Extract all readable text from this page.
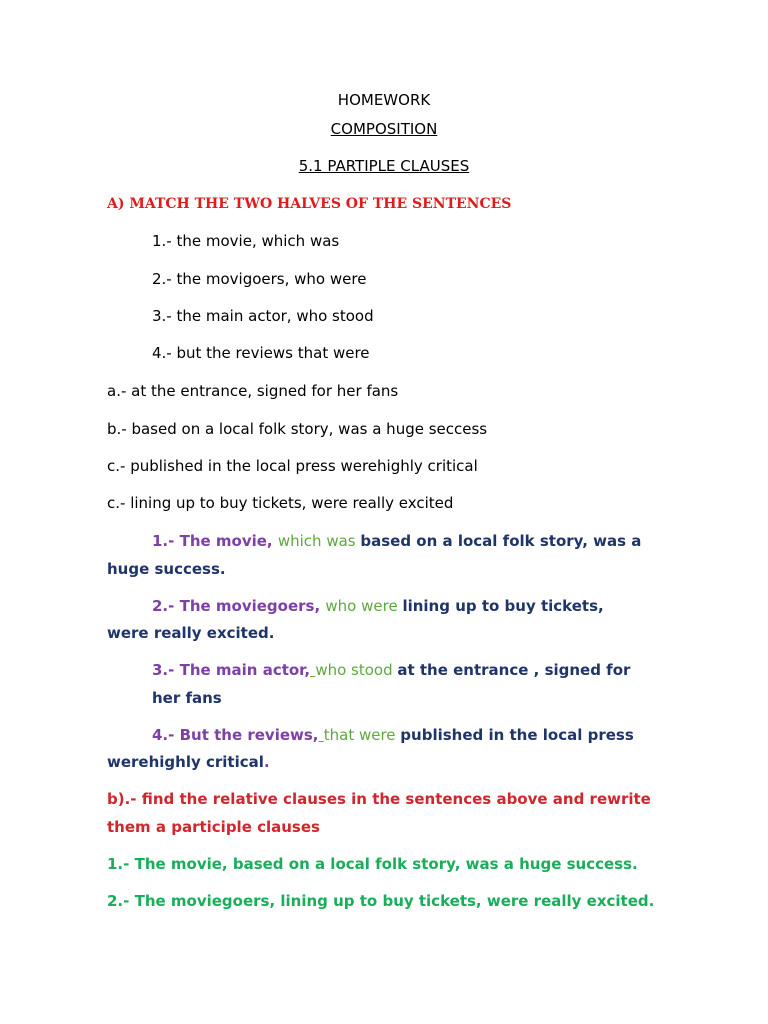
HOMEWORK
COMPOSITION
5.1 PARTIPLE CLAUSES
A) MATCH THE TWO HALVES OF THE SENTENCES
1.- the movie, which was
2.- the movigoers, who were
3.- the main actor, who stood
4.- but the reviews that were
a.- at the entrance, signed for her fans
b.- based on a local folk story, was a huge seccess
c.- published in the local press werehighly critical
c.- lining up to buy tickets, were really excited
1.- The movie, which was based on a local folk story, was a
huge success.
2.- The moviegoers, who were lining up to buy tickets,
were really excited.
3.- The main actor, who stood at the entrance , signed for
her fans
4.- But the reviews, that were published in the local press
werehighly critical.
b).- find the relative clauses in the sentences above and rewrite
them a participle clauses
1.- The movie, based on a local folk story, was a huge success.
2.- The moviegoers, lining up to buy tickets, were really excited.
